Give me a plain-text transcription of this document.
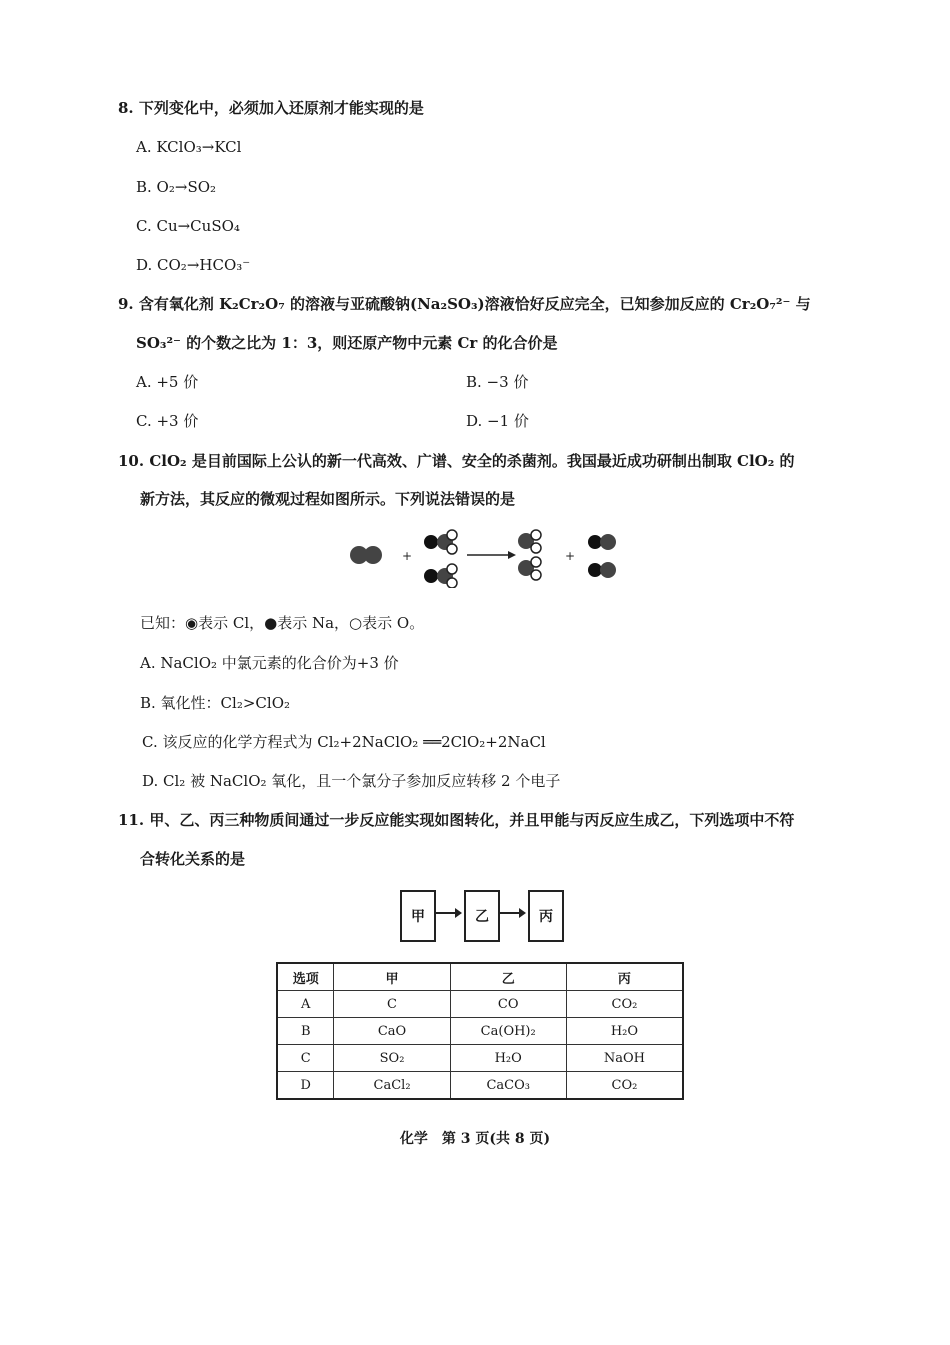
8. 下列变化中，必须加入还原剂才能实现的是
A. KClO₃→KCl
B. O₂→SO₂
C. Cu→CuSO₄
D. CO₂→HCO₃⁻
9. 含有氧化剂 K₂Cr₂O₇ 的溶液与亚硫酸钠(Na₂SO₃)溶液恰好反应完全，已知参加反应的 Cr₂O₇²⁻ 与
SO₃²⁻ 的个数之比为 1：3，则还原产物中元素 Cr 的化合价是
A. +5 价	B. −3 价
C. +3 价	D. −1 价
10. ClO₂ 是目前国际上公认的新一代高效、广谱、安全的杀菌剂。我国最近成功研制出制取 ClO₂ 的
新方法，其反应的微观过程如图所示。下列说法错误的是
+	+
已知：◉表示 Cl，●表示 Na，○表示 O。
A. NaClO₂ 中氯元素的化合价为+3 价
B. 氧化性：Cl₂>ClO₂
C. 该反应的化学方程式为 Cl₂+2NaClO₂ ══2ClO₂+2NaCl
D. Cl₂ 被 NaClO₂ 氧化，且一个氯分子参加反应转移 2 个电子
11. 甲、乙、丙三种物质间通过一步反应能实现如图转化，并且甲能与丙反应生成乙，下列选项中不符
合转化关系的是
甲	乙	丙
选项	甲	乙	丙
A	C	CO	CO₂
B	CaO	Ca(OH)₂	H₂O
C	SO₂	H₂O	NaOH
D	CaCl₂	CaCO₃	CO₂
化学　第 3 页(共 8 页)
